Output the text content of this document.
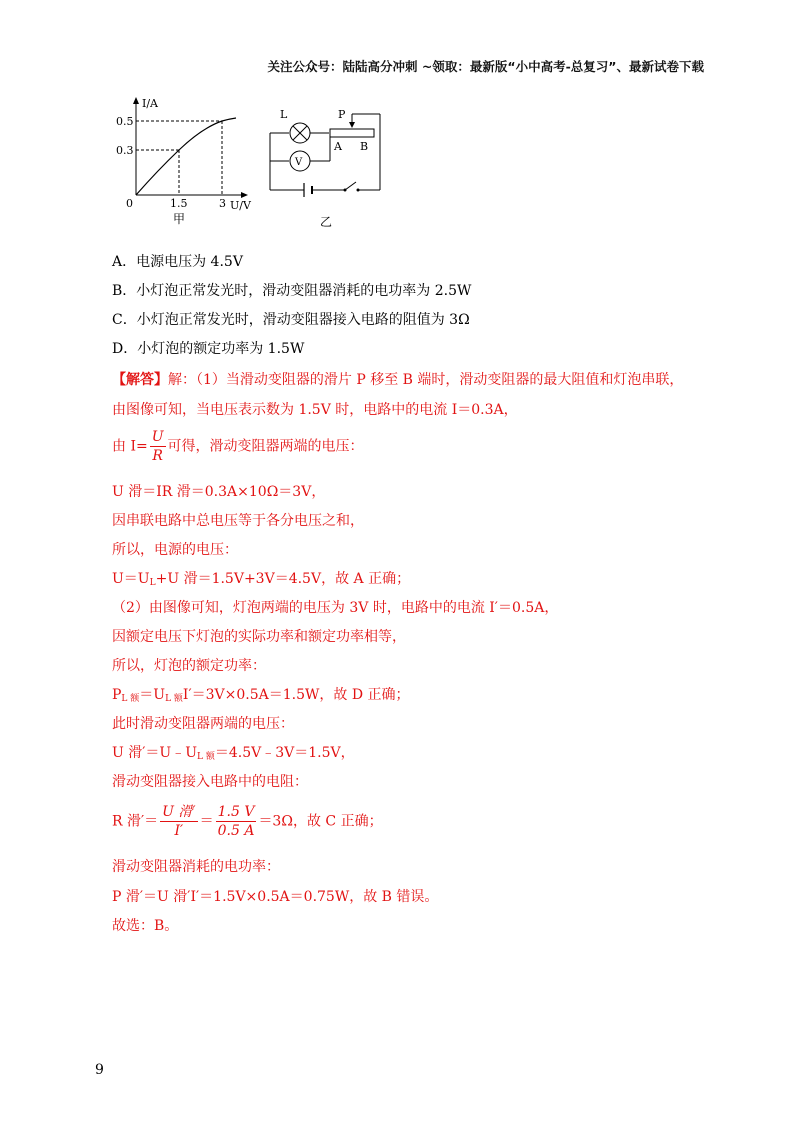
关注公众号：陆陆高分冲刺 ~领取：最新版“小中高考-总复习”、最新试卷下载
I/A
0.5
0.3
0	1.5	3 U/V
甲
L
V
P
A B
乙
A．电源电压为 4.5V
B．小灯泡正常发光时，滑动变阻器消耗的电功率为 2.5W
C．小灯泡正常发光时，滑动变阻器接入电路的阻值为 3Ω
D．小灯泡的额定功率为 1.5W
【解答】解：（1）当滑动变阻器的滑片 P 移至 B 端时，滑动变阻器的最大阻值和灯泡串联，
由图像可知，当电压表示数为 1.5V 时，电路中的电流 I＝0.3A，
由 $I= \frac{U}{R}$ 可得，滑动变阻器两端的电压：
U 滑＝IR 滑＝0.3A×10Ω＝3V，
因串联电路中总电压等于各分电压之和，
所以，电源的电压：
$U=U_L+U$ 滑＝1.5V+3V＝4.5V，故 A 正确；
（2）由图像可知，灯泡两端的电压为 3V 时，电路中的电流 I′＝0.5A，
因额定电压下灯泡的实际功率和额定功率相等，
所以，灯泡的额定功率：
$P_{L 额}=U_{L 额}I'=3V\times 0.5A=1.5W$，故 D 正确；
此时滑动变阻器两端的电压：
U 滑$'=U﹣U_{L 额}=4.5V﹣3V=1.5V$，
滑动变阻器接入电路中的电阻：
R 滑′＝ $\frac{\text{U 滑′}}{I'} = \frac{1.5 V}{0.5 A} =3\Omega$，故 C 正确；
滑动变阻器消耗的电功率：
P 滑′＝U 滑′I′＝1.5V×0.5A＝0.75W，故 B 错误。
故选：B。
9
